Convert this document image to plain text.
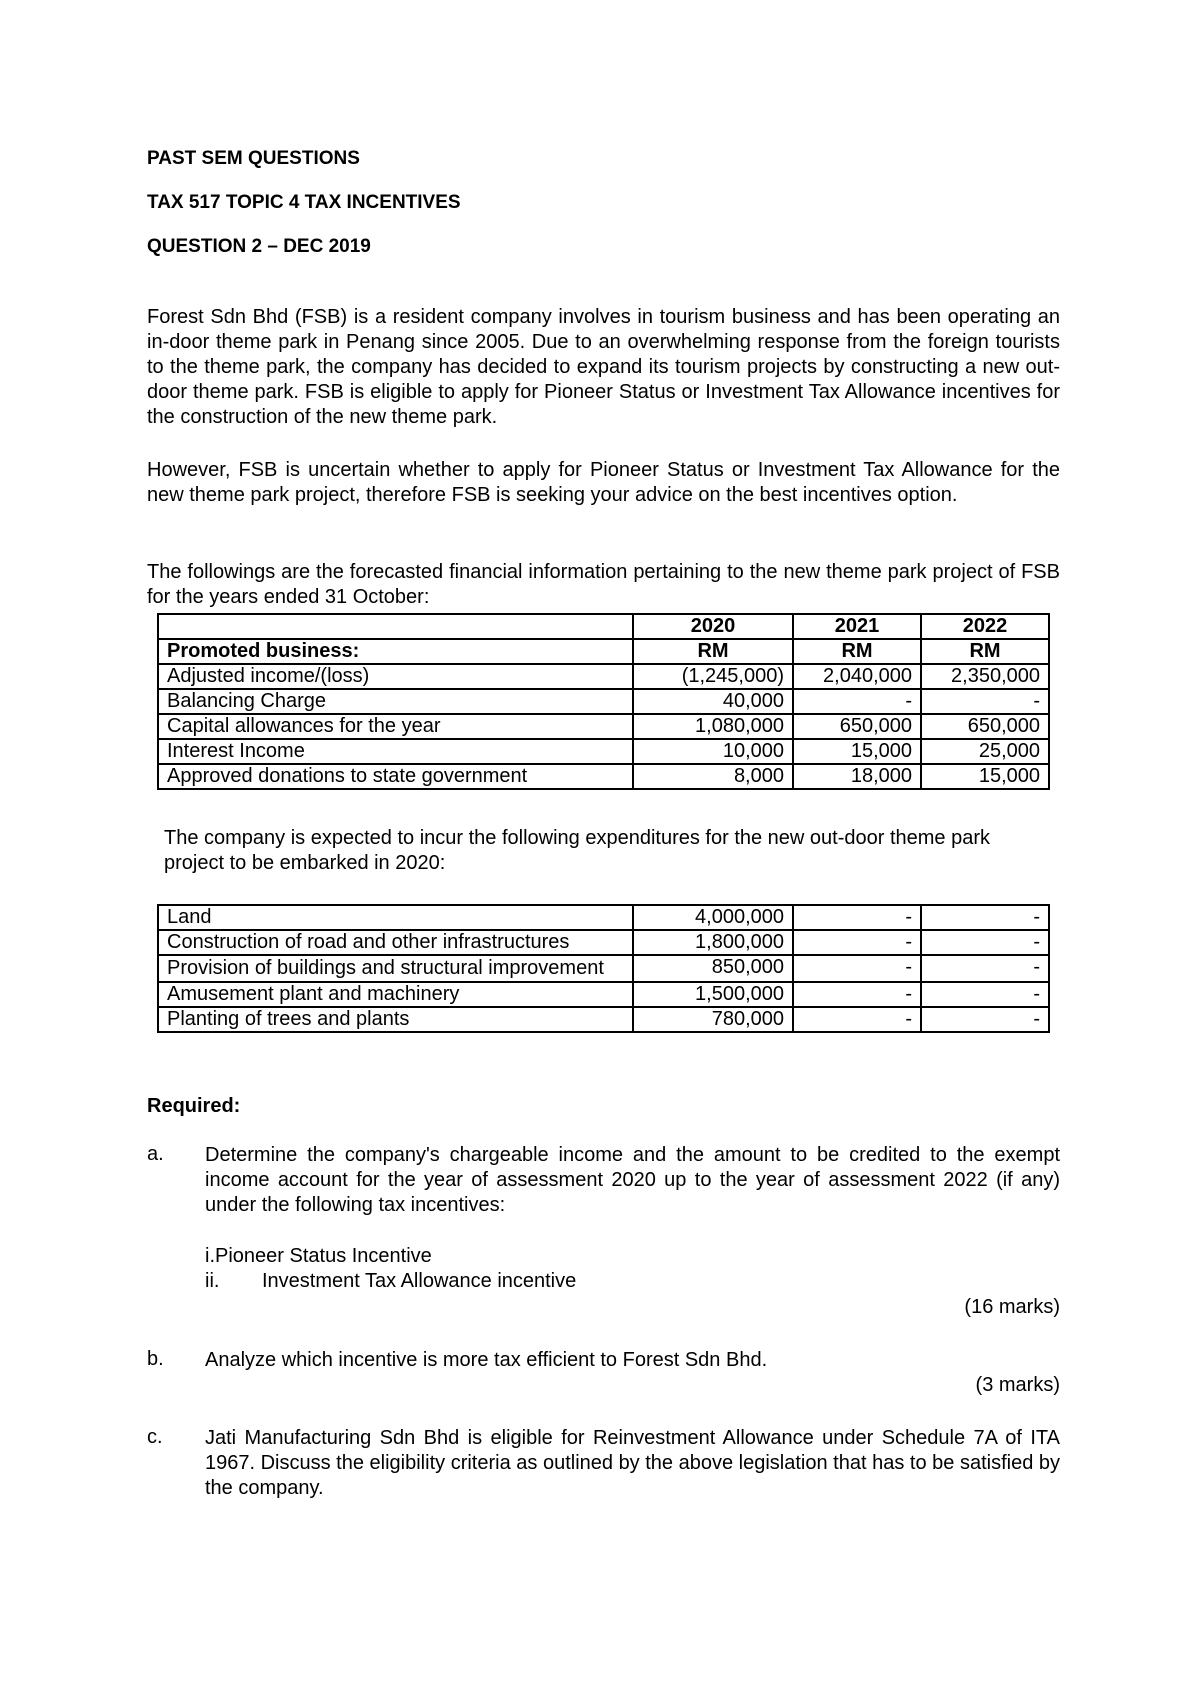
PAST SEM QUESTIONS

TAX 517 TOPIC 4 TAX INCENTIVES

QUESTION 2 – DEC 2019

Forest Sdn Bhd (FSB) is a resident company involves in tourism business and has been operating an in-door theme park in Penang since 2005. Due to an overwhelming response from the foreign tourists to the theme park, the company has decided to expand its tourism projects by constructing a new out-door theme park. FSB is eligible to apply for Pioneer Status or Investment Tax Allowance incentives for the construction of the new theme park.

However, FSB is uncertain whether to apply for Pioneer Status or Investment Tax Allowance for the new theme park project, therefore FSB is seeking your advice on the best incentives option.

The followings are the forecasted financial information pertaining to the new theme park project of FSB for the years ended 31 October:

	2020	2021	2022
Promoted business:	RM	RM	RM
Adjusted income/(loss)	(1,245,000)	2,040,000	2,350,000
Balancing Charge	40,000	-	-
Capital allowances for the year	1,080,000	650,000	650,000
Interest Income	10,000	15,000	25,000
Approved donations to state government	8,000	18,000	15,000

The company is expected to incur the following expenditures for the new out-door theme park project to be embarked in 2020:

Land	4,000,000	-	-
Construction of road and other infrastructures	1,800,000	-	-
Provision of buildings and structural improvement	850,000	-	-
Amusement plant and machinery	1,500,000	-	-
Planting of trees and plants	780,000	-	-

Required:

a. Determine the company's chargeable income and the amount to be credited to the exempt income account for the year of assessment 2020 up to the year of assessment 2022 (if any) under the following tax incentives:

i.Pioneer Status Incentive

ii. Investment Tax Allowance incentive

(16 marks)

b. Analyze which incentive is more tax efficient to Forest Sdn Bhd.

(3 marks)

c. Jati Manufacturing Sdn Bhd is eligible for Reinvestment Allowance under Schedule 7A of ITA 1967. Discuss the eligibility criteria as outlined by the above legislation that has to be satisfied by the company.
